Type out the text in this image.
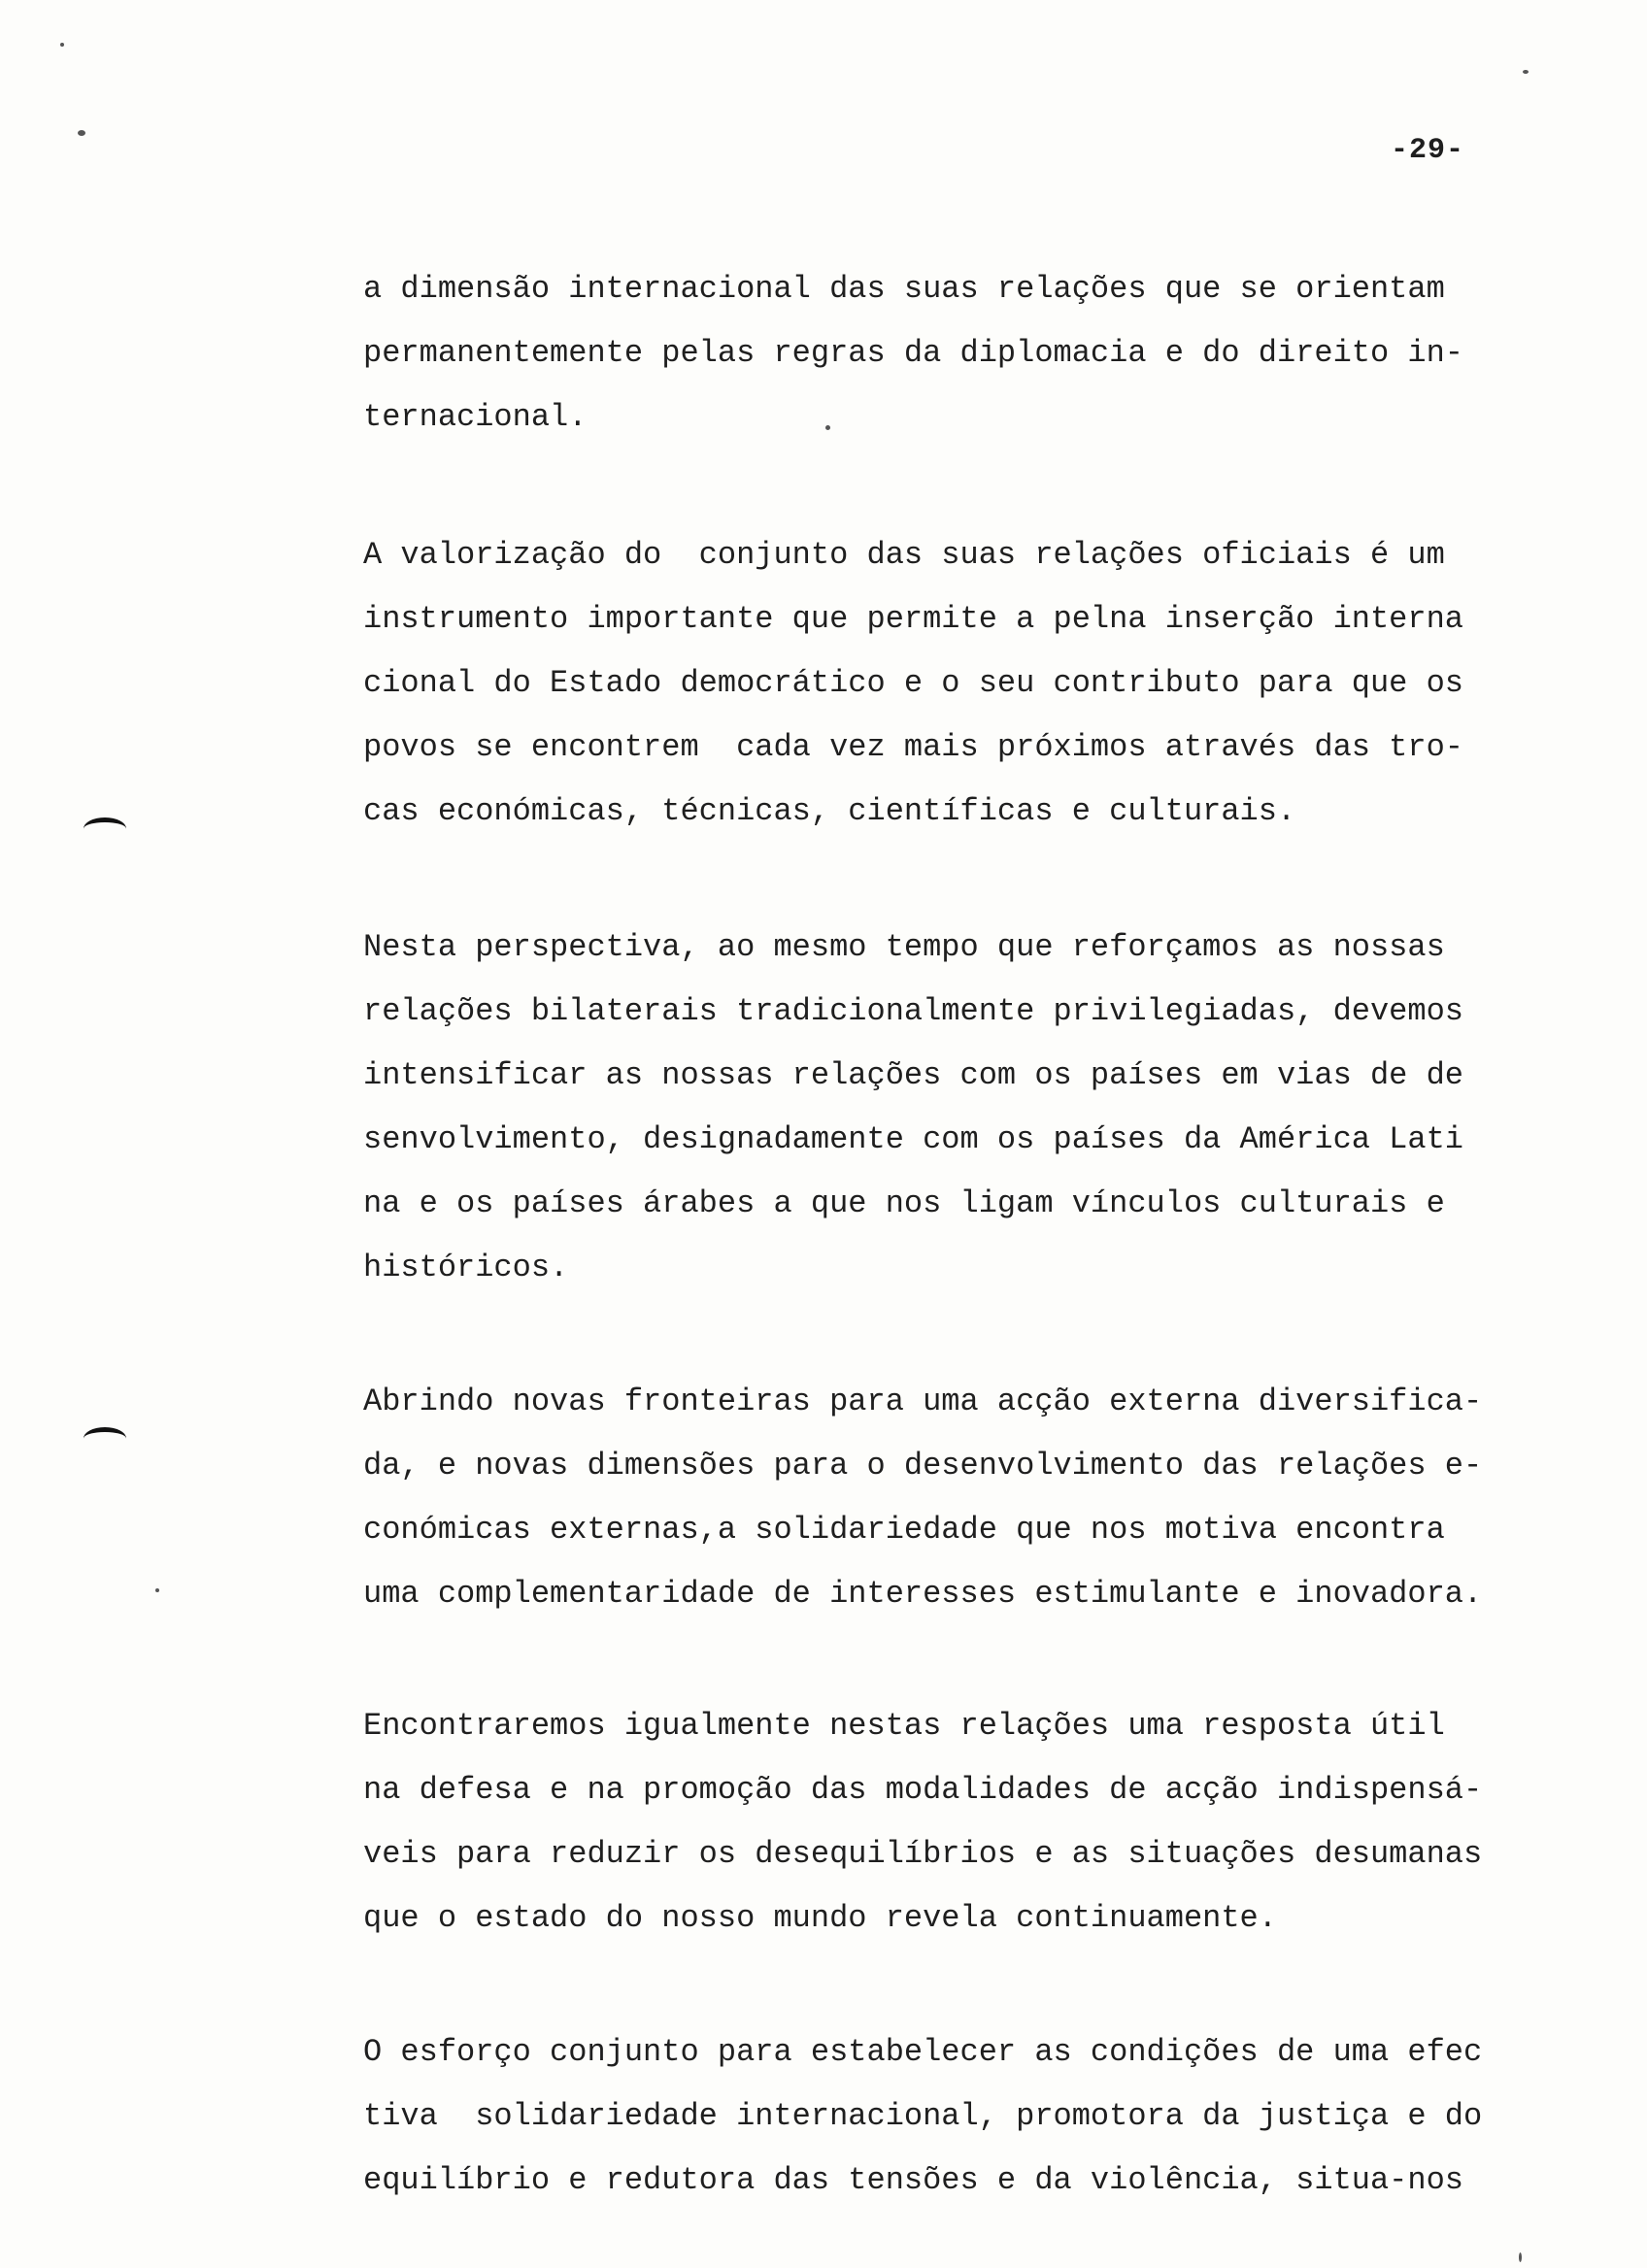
-29-
a dimensão internacional das suas relações que se orientam
permanentemente pelas regras da diplomacia e do direito in-
ternacional.
A valorização do  conjunto das suas relações oficiais é um
instrumento importante que permite a pelna inserção interna
cional do Estado democrático e o seu contributo para que os
povos se encontrem  cada vez mais próximos através das tro-
cas económicas, técnicas, científicas e culturais.
Nesta perspectiva, ao mesmo tempo que reforçamos as nossas
relações bilaterais tradicionalmente privilegiadas, devemos
intensificar as nossas relações com os países em vias de de
senvolvimento, designadamente com os países da América Lati
na e os países árabes a que nos ligam vínculos culturais e
históricos.
Abrindo novas fronteiras para uma acção externa diversifica-
da, e novas dimensões para o desenvolvimento das relações e-
conómicas externas,a solidariedade que nos motiva encontra
uma complementaridade de interesses estimulante e inovadora.
Encontraremos igualmente nestas relações uma resposta útil
na defesa e na promoção das modalidades de acção indispensá-
veis para reduzir os desequilíbrios e as situações desumanas
que o estado do nosso mundo revela continuamente.
O esforço conjunto para estabelecer as condições de uma efec
tiva  solidariedade internacional, promotora da justiça e do
equilíbrio e redutora das tensões e da violência, situa-nos
